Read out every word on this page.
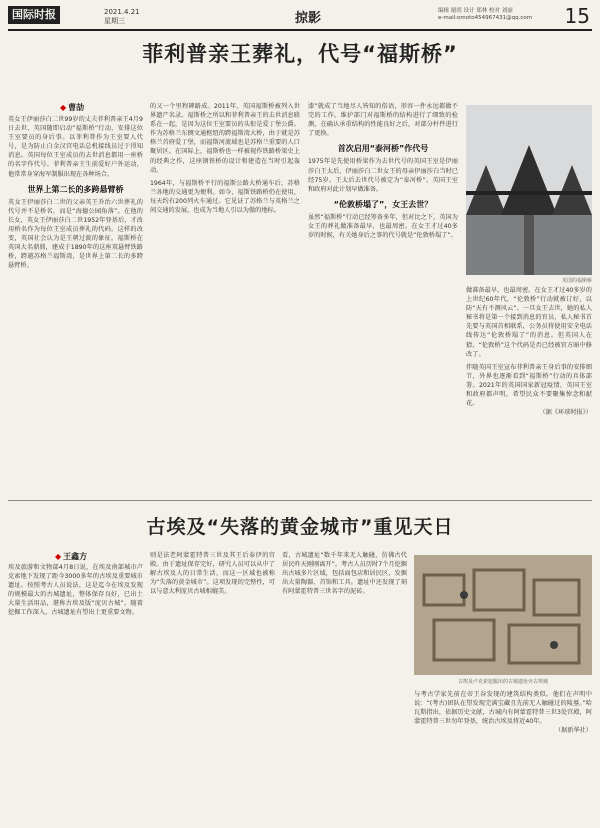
国际时报	2021.4.21
星期三	掠影	编辑 谢尚 设计 郑林 校对 刘丽
e-mail:omoto454967431@qq.com 15
菲利普亲王葬礼，代号“福斯桥”
◆ 曹劼
英女王伊丽莎白二世99岁的丈夫菲利普亲王4月9日去世，英国随即启动“福斯桥”行动，安排这位王室要员的身后事。以菲利普作为王室要人代号，是为防止白金汉宫电话总机接线员过于得知消息。英国每位王室成员的去世消息都用一座桥的名字作代号。菲利普亲王生前爱好户外运动，他常常身穿海军制服出现在各种场合。
世界上第二长的多跨悬臂桥
英女王伊丽莎白二世的父亲英王乔治六世葬礼的代号并不是桥名，而是“海德公园角落”。在他的长女，英女王伊丽莎白二世1952年登基后，才改用桥名作为每位王室成员葬礼的代码。这样的改变，英国社会认为是王朝过渡的象征。福斯桥在英国大名鼎鼎，建成于1890年的这座双悬臂铁路桥，跨越苏格兰福斯湾，是世界上第二长的多跨悬臂桥。
的又一个里程碑路成。2011年，英国福斯桥被列入世界遗产名录。福斯桥之所以和菲利普亲王的去世消息联系在一起，是因为这位王室要员的头衔是爱丁堡公爵。作为苏格兰东侧文通枢纽的跨福斯湾大桥，由于就是苏格兰首府爱丁堡，而福斯河流域也是苏格兰重要的人口聚居区。在国际上，福斯桥也一样被视作铁路桥梁史上的经典之作，这座钢铁桥的设计和建造在当时引起轰动。
1964年，与福斯桥平行的福斯公路大桥通车后，苏格兰各地的交通更为便利。如今，福斯铁路桥仍在使用，每天约有200列火车通过。它见证了苏格兰与英格兰之间交通的发展，也成为当地人引以为傲的地标。
漆”就成了当地尽人皆知的俗语，形容一件永远都做不完的工作。维护部门对福斯桥的结构进行了细致的检测，在确认承重结构的性能良好之后，对部分杆件进行了更换。
首次启用“泰河桥”作代号
1975年是先使用桥梁作为去世代号的英国王室是伊丽莎白王太后，伊丽莎白二世女王的母亲伊丽莎白当时已经75岁。王太后去世代号被定为“泰河桥”。英国王室和政府对此计划早做准备。
“伦敦桥塌了”，女王去世？
虽然“福斯桥”行动已经筹备多年，但对比之下，英国为女王的葬礼做准备最早，也最周密。在女王才过40多岁的时候，有关她身后之事的代号就是“伦敦桥塌了”。
英国的福斯桥
做准备最早，也最周密。在女王才过40多岁的上世纪60年代，“伦敦桥”行动就被订好，以防“天有不测风云”。一旦女王去世，她的私人秘书将是第一个接到消息的官员，私人秘书首先要与英国首相联系，公务员将使用安全电话线传达“伦敦桥塌了”的消息。但英国人在猜，“伦敦桥”这个代码是否已经被官方暗中修改了。
伴随英国王室宣布菲利普亲王身后事的安排细节，外界也逐渐看到“福斯桥”行动的具体部署。2021年的英国国家新冠疫情，英国王室和政府都声明，希望民众不要聚集悼念和献花。
（据《环球时报》）
古埃及“失落的黄金城市”重见天日
◆ 王鑫方
埃及旅游和文物部4月8日说，在埃及南部城市卢克索地下发现了距今3000多年的古埃及重要城市遗址。按照考古人员说法，这是迄今在埃及发现的规模最大的古城遗址，整体保存良好，已出土大量生活用品，堪称古埃及版“庞贝古城”。随着挖掘工作深入，古城遗址有望出土更重要文物。
则是法老阿蒙霍特普三世及其王后泰伊的宫殿。由于遗址保存完好，研究人员可以从中了解古埃及人的日常生活，而这一区域也被称为“失落的黄金城市”。这项发现的完整性，可以与意大利庞贝古城相媲美。
看，古城遗址“数千年来无人触碰，仿佛古代居民昨天刚刚离开”。考古人员历时7个月挖掘出古城多片区域，包括面包店和居民区，发掘出大量陶器、首饰和工具。遗址中还发现了刻有阿蒙霍特普三世名字的泥砖。
古埃及卢克索挖掘出的古城遗址旁古埃城
与考古学家先前在帝王谷发现的建筑结构类似。他们在声明中说：“(考古)团队在望发现完满宝藏且先前无人触碰过的陵墓。”哈瓦斯指出，依据历史文献，古城内有阿蒙霍特普三世3处宫殿，阿蒙霍特普三世勿年登基，统治古埃及将近40年。
（据新华社）
